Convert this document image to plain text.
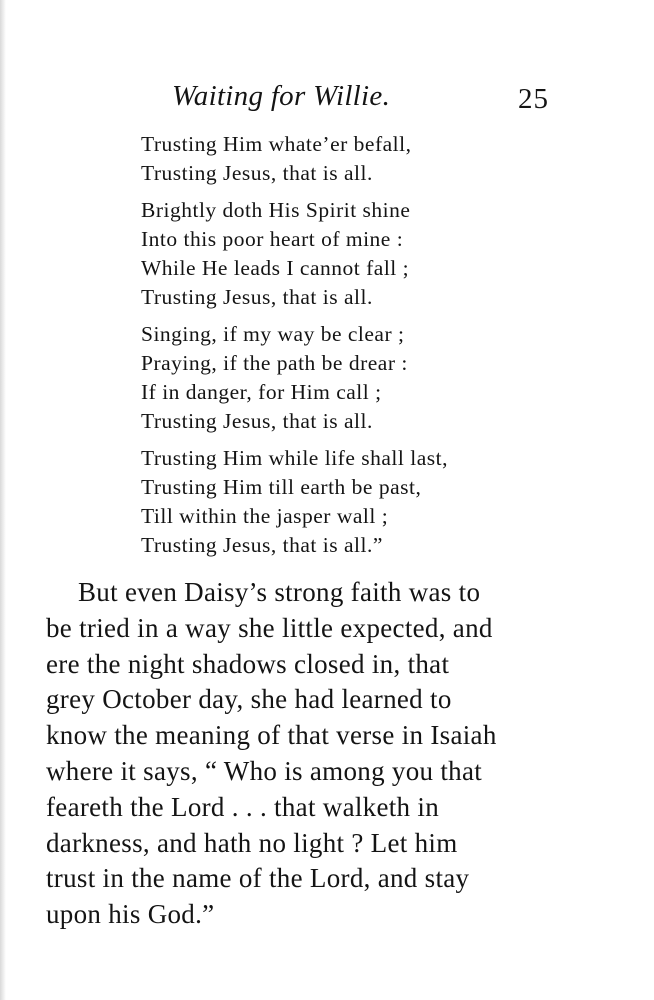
Waiting for Willie.	25
Trusting Him whate’er befall,
Trusting Jesus, that is all.
Brightly doth His Spirit shine
Into this poor heart of mine :
While He leads I cannot fall ;
Trusting Jesus, that is all.
Singing, if my way be clear ;
Praying, if the path be drear :
If in danger, for Him call ;
Trusting Jesus, that is all.
Trusting Him while life shall last,
Trusting Him till earth be past,
Till within the jasper wall ;
Trusting Jesus, that is all.”
But even Daisy’s strong faith was to
be tried in a way she little expected, and
ere the night shadows closed in, that
grey October day, she had learned to
know the meaning of that verse in Isaiah
where it says, “ Who is among you that
feareth the Lord . . . that walketh in
darkness, and hath no light ? Let him
trust in the name of the Lord, and stay
upon his God.”
